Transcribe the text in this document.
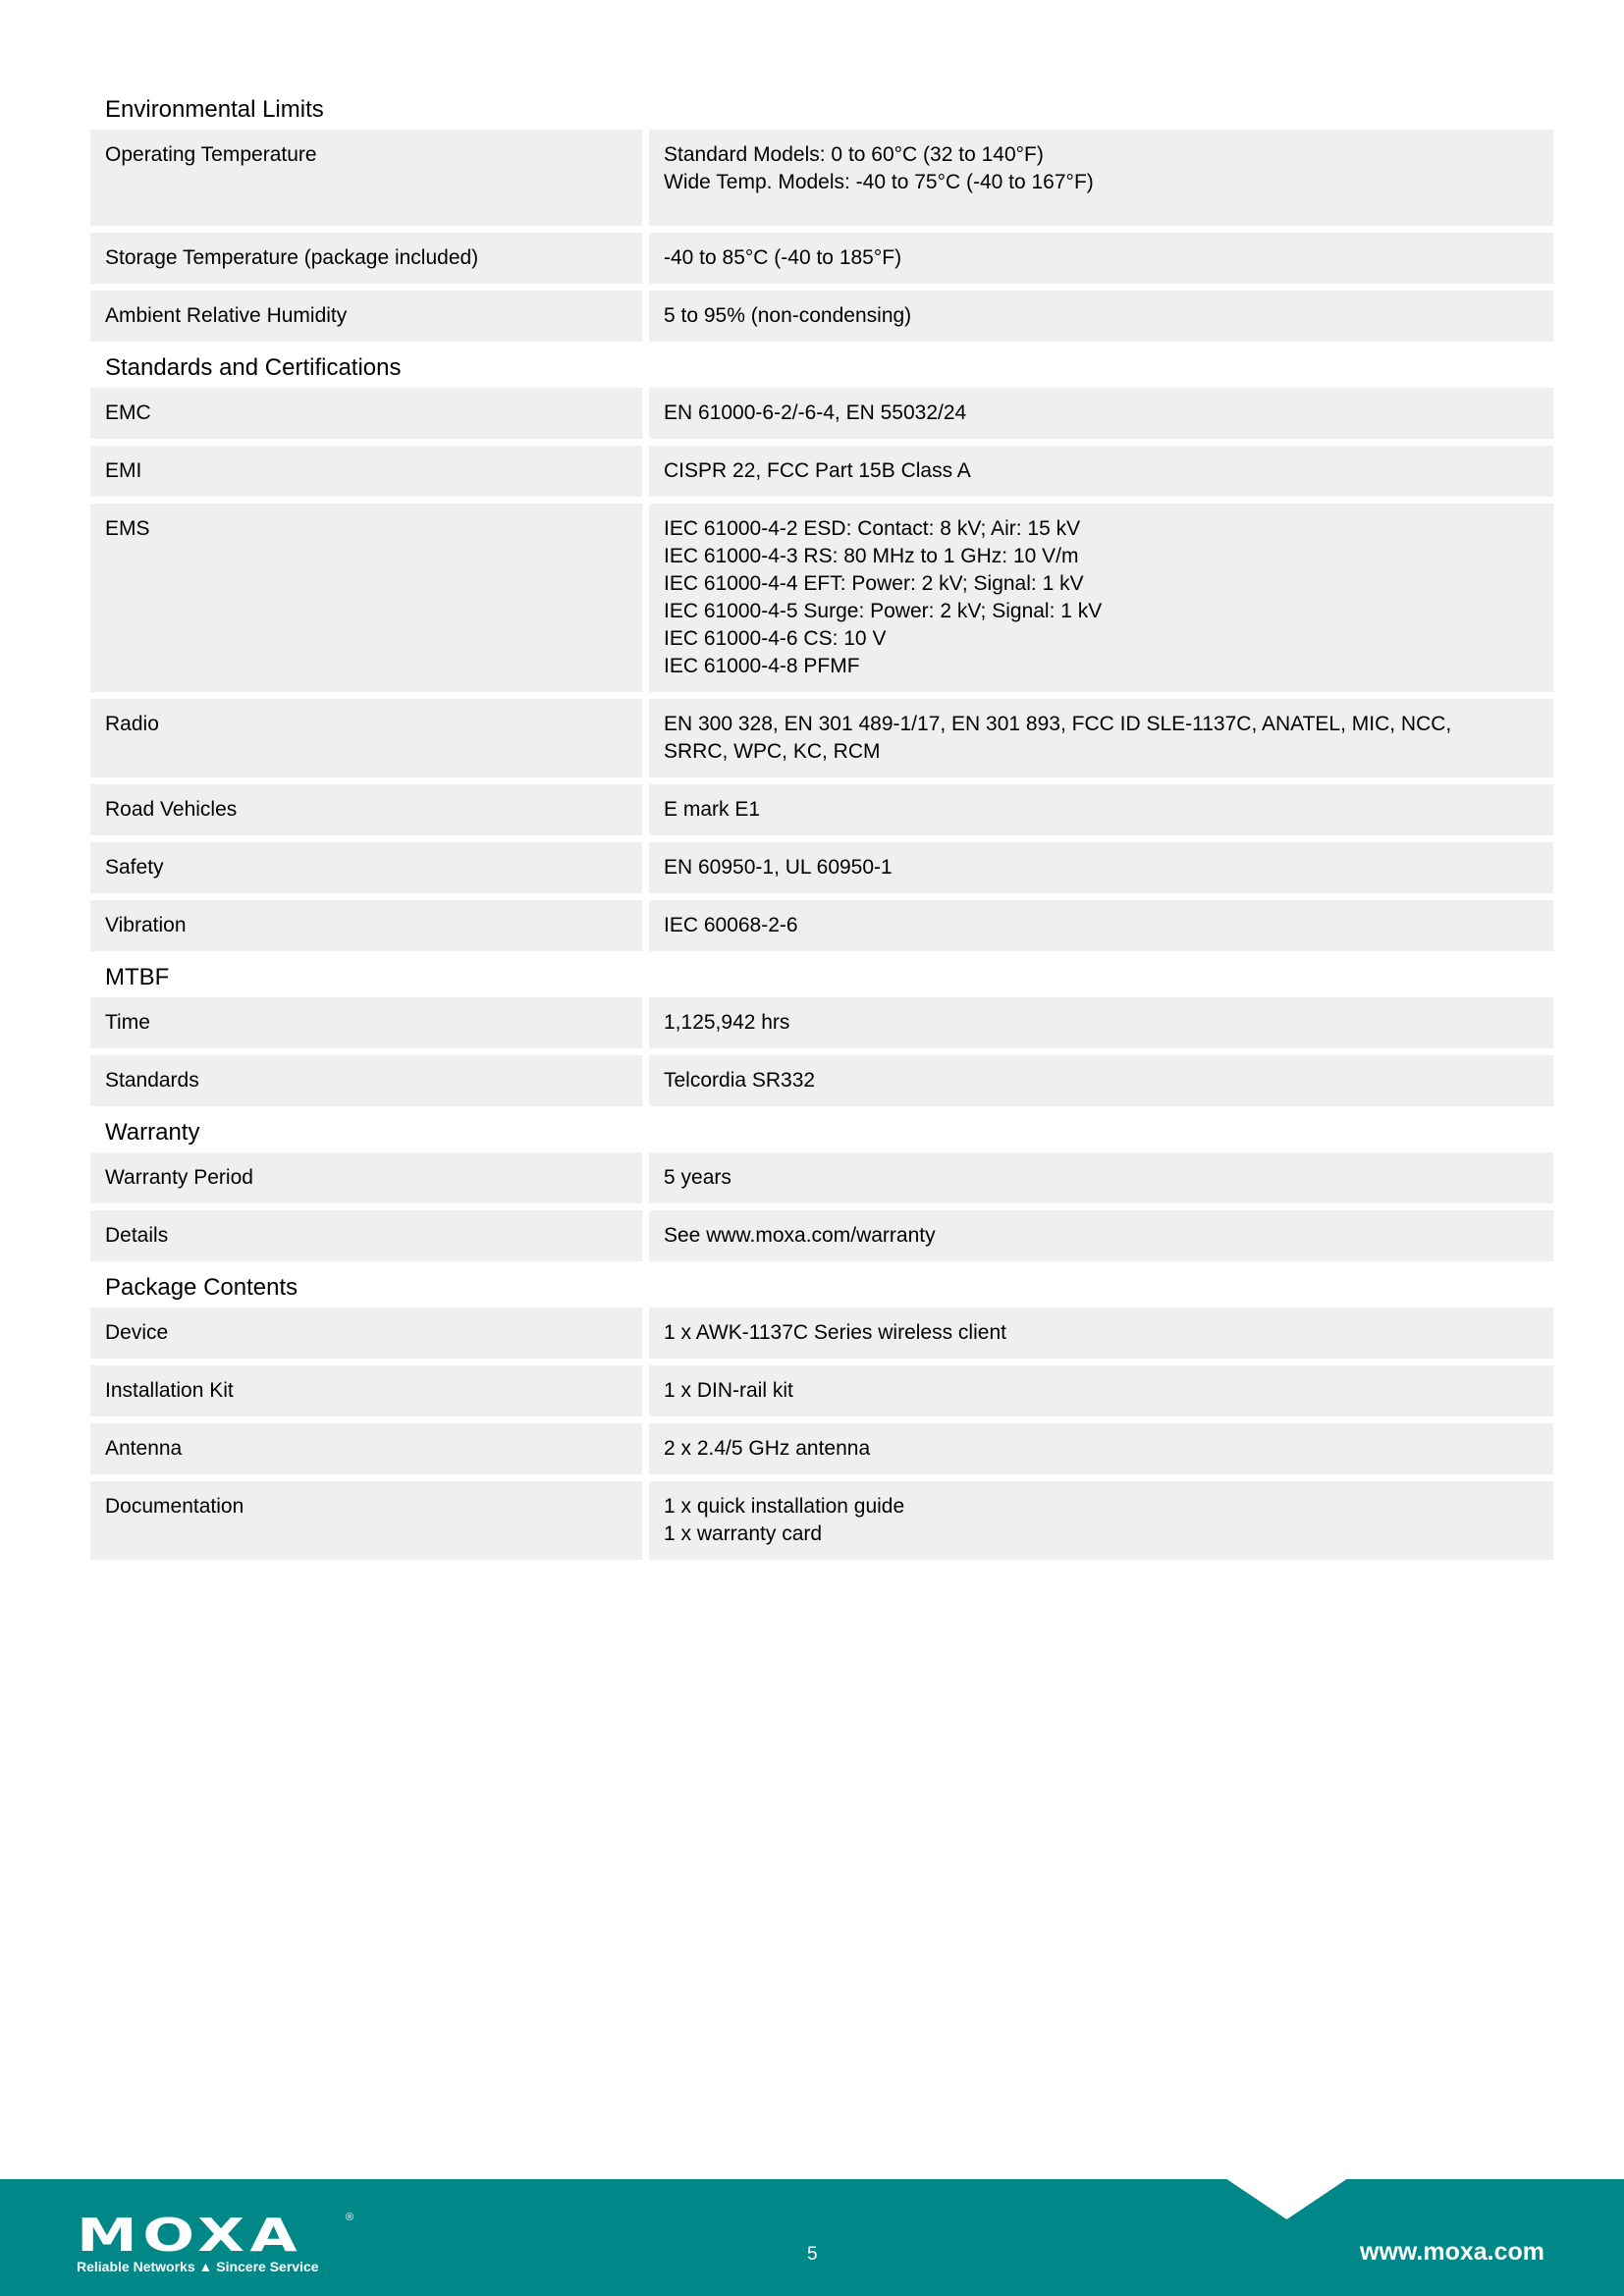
Environmental Limits
Operating Temperature	Standard Models: 0 to 60°C (32 to 140°F)
Wide Temp. Models: -40 to 75°C (-40 to 167°F)
Storage Temperature (package included)	-40 to 85°C (-40 to 185°F)
Ambient Relative Humidity	5 to 95% (non-condensing)
Standards and Certifications
EMC	EN 61000-6-2/-6-4, EN 55032/24
EMI	CISPR 22, FCC Part 15B Class A
EMS	IEC 61000-4-2 ESD: Contact: 8 kV; Air: 15 kV
IEC 61000-4-3 RS: 80 MHz to 1 GHz: 10 V/m
IEC 61000-4-4 EFT: Power: 2 kV; Signal: 1 kV
IEC 61000-4-5 Surge: Power: 2 kV; Signal: 1 kV
IEC 61000-4-6 CS: 10 V
IEC 61000-4-8 PFMF
Radio	EN 300 328, EN 301 489-1/17, EN 301 893, FCC ID SLE-1137C, ANATEL, MIC, NCC,
SRRC, WPC, KC, RCM
Road Vehicles	E mark E1
Safety	EN 60950-1, UL 60950-1
Vibration	IEC 60068-2-6
MTBF
Time	1,125,942 hrs
Standards	Telcordia SR332
Warranty
Warranty Period	5 years
Details	See www.moxa.com/warranty
Package Contents
Device	1 x AWK-1137C Series wireless client
Installation Kit	1 x DIN-rail kit
Antenna	2 x 2.4/5 GHz antenna
Documentation	1 x quick installation guide
1 x warranty card
MOXA	®
Reliable Networks ▲ Sincere Service
5	www.moxa.com
